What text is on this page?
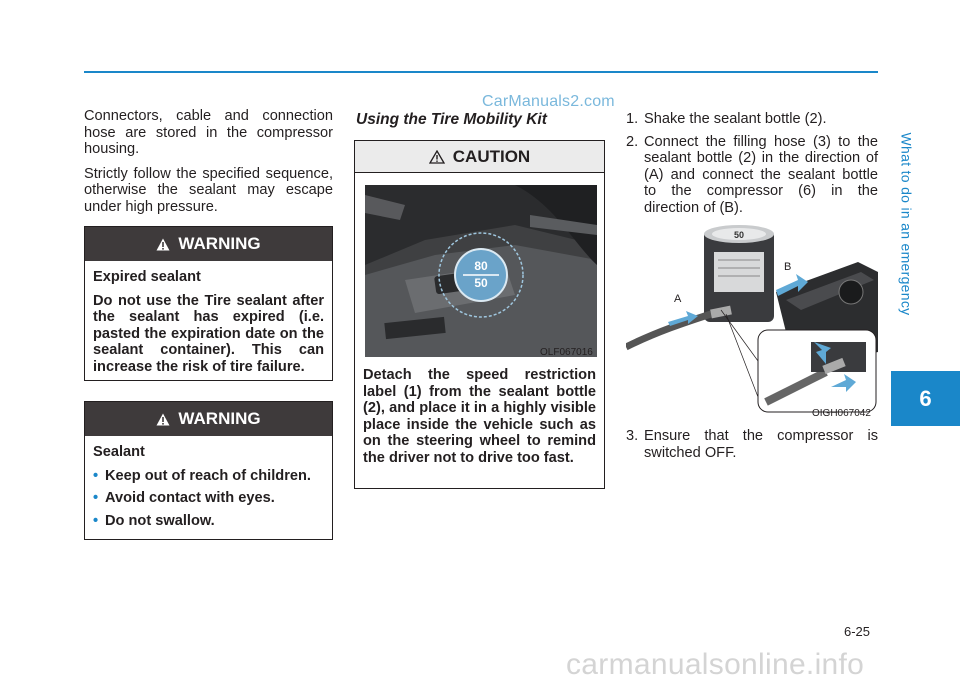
CarManuals2.com

Connectors, cable and connection hose are stored in the compressor housing.

Strictly follow the specified sequence, otherwise the sealant may escape under high pressure.

WARNING
Expired sealant
Do not use the Tire sealant after the sealant has expired (i.e. pasted the expiration date on the sealant container). This can increase the risk of tire failure.
WARNING
Sealant
• Keep out of reach of children.
• Avoid contact with eyes.
• Do not swallow.
Using the Tire Mobility Kit
CAUTION
80
50
OLF067016
Detach the speed restriction label (1) from the sealant bottle (2), and place it in a highly visible place inside the vehicle such as on the steering wheel to remind the driver not to drive too fast.
1. Shake the sealant bottle (2).
2. Connect the filling hose (3) to the sealant bottle (2) in the direction of (A) and connect the sealant bottle to the compressor (6) in the direction of (B).
50
A
B
OIGH067042
3. Ensure that the compressor is switched OFF.
What to do in an emergency
6
6-25
carmanualsonline.info
